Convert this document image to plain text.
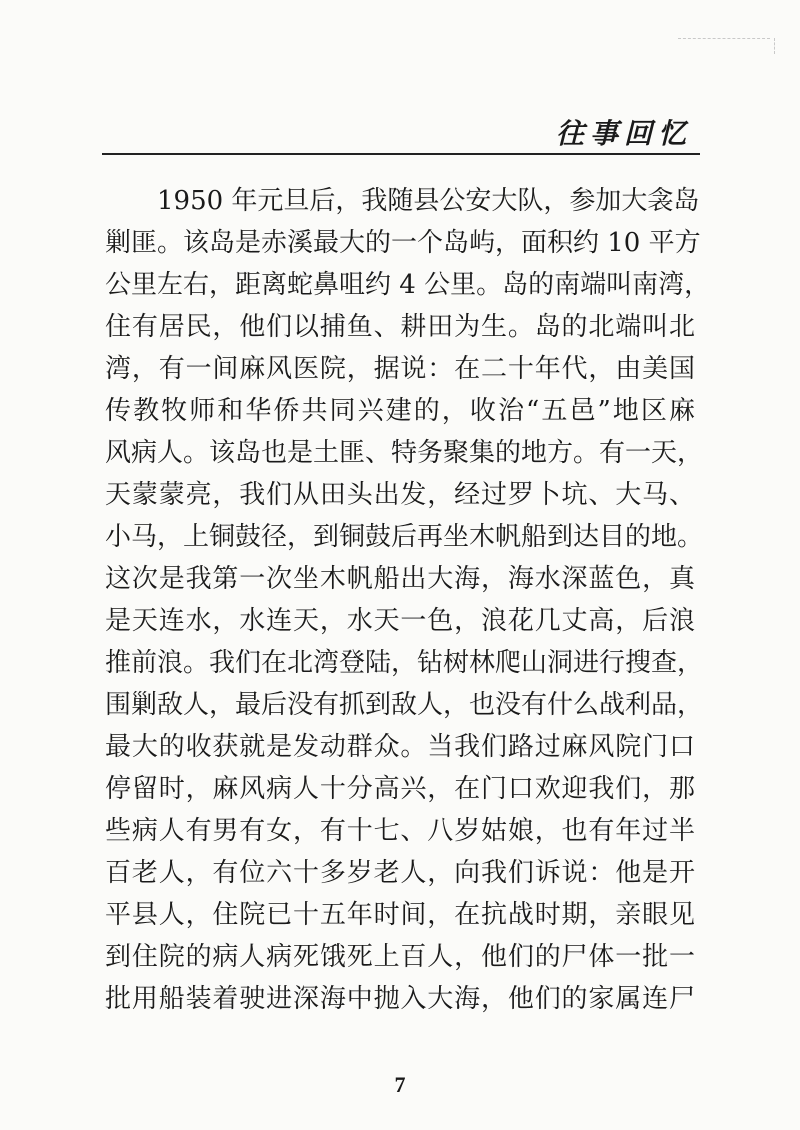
往事回忆
1950 年元旦后，我随县公安大队，参加大衾岛
剿匪。该岛是赤溪最大的一个岛屿，面积约 10 平方
公里左右，距离蛇鼻咀约 4 公里。岛的南端叫南湾，
住有居民，他们以捕鱼、耕田为生。岛的北端叫北
湾，有一间麻风医院，据说：在二十年代，由美国
传教牧师和华侨共同兴建的，收治“五邑”地区麻
风病人。该岛也是土匪、特务聚集的地方。有一天，
天蒙蒙亮，我们从田头出发，经过罗卜坑、大马、
小马，上铜鼓径，到铜鼓后再坐木帆船到达目的地。
这次是我第一次坐木帆船出大海，海水深蓝色，真
是天连水，水连天，水天一色，浪花几丈高，后浪
推前浪。我们在北湾登陆，钻树林爬山洞进行搜查，
围剿敌人，最后没有抓到敌人，也没有什么战利品，
最大的收获就是发动群众。当我们路过麻风院门口
停留时，麻风病人十分高兴，在门口欢迎我们，那
些病人有男有女，有十七、八岁姑娘，也有年过半
百老人，有位六十多岁老人，向我们诉说：他是开
平县人，住院已十五年时间，在抗战时期，亲眼见
到住院的病人病死饿死上百人，他们的尸体一批一
批用船装着驶进深海中抛入大海，他们的家属连尸
7
